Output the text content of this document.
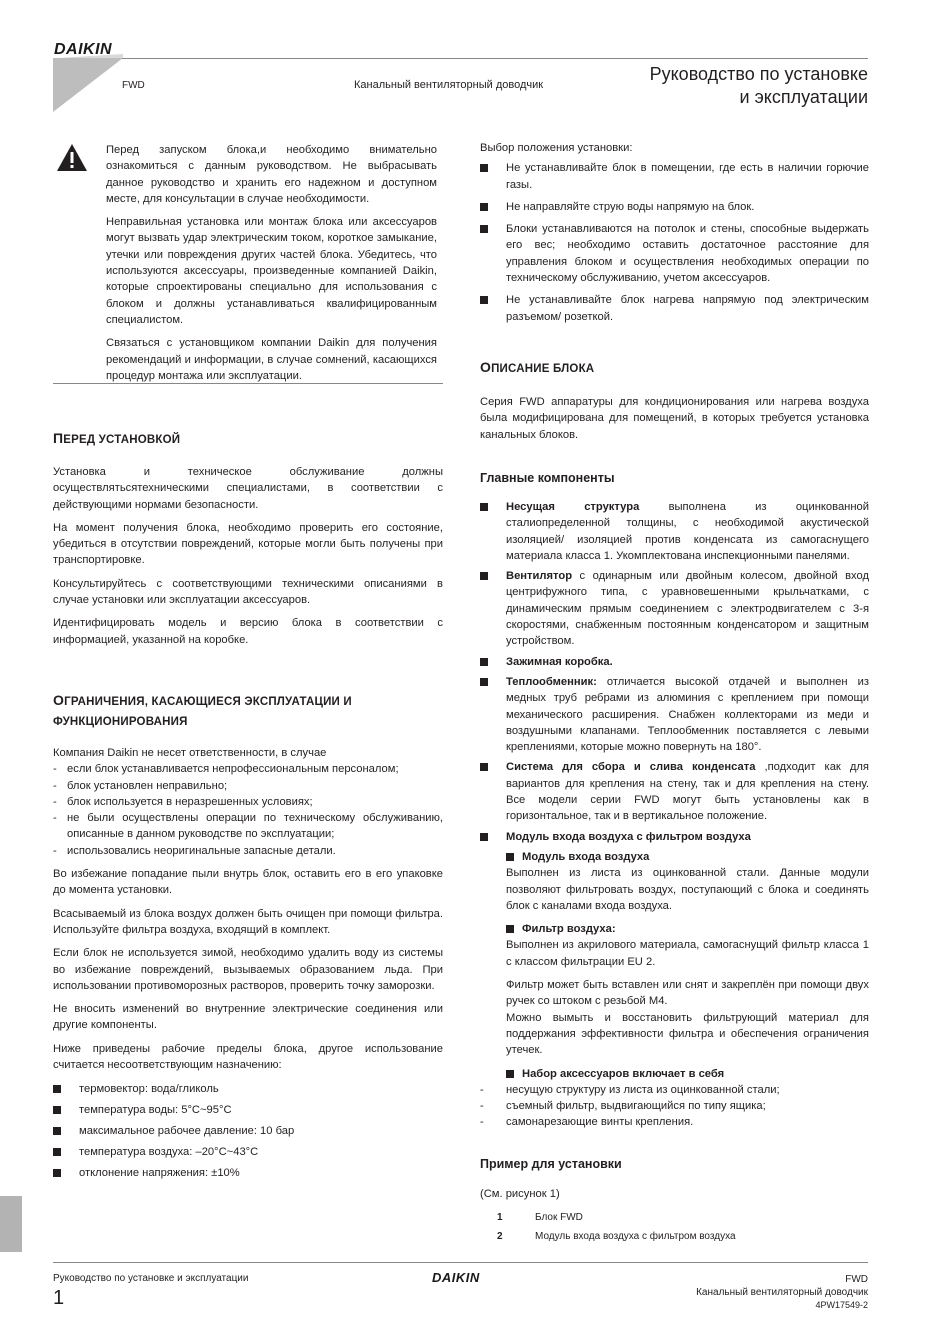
DAIKIN
FWD	Канальный вентиляторный доводчик
Руководство по установке
и эксплуатации

Перед запуском блока,и необходимо внимательно ознакомиться с данным руководством. Не выбрасывать данное руководство и хранить его надежном и доступном месте, для консультации в случае необходимости.

Неправильная установка или монтаж блока или аксессуаров могут вызвать удар электрическим током, короткое замыкание, утечки или повреждения других частей блока. Убедитесь, что используются аксессуары, произведенные компанией Daikin, которые спроектированы специально для использования с блоком и должны устанавливаться квалифицированным специалистом.

Связаться с установщиком компании Daikin для получения рекомендаций и информации, в случае сомнений, касающихся процедур монтажа или эксплуатации.

ПЕРЕД УСТАНОВКОЙ

Установка и техническое обслуживание должны осуществлятьсятехническими специалистами, в соответствии с действующими нормами безопасности.

На момент получения блока, необходимо проверить его состояние, убедиться в отсутствии повреждений, которые могли быть получены при транспортировке.

Консультируйтесь с соответствующими техническими описаниями в случае установки или эксплуатации аксессуаров.

Идентифицировать модель и версию блока в соответствии с информацией, указанной на коробке.

ОГРАНИЧЕНИЯ, КАСАЮЩИЕСЯ ЭКСПЛУАТАЦИИ И
ФУНКЦИОНИРОВАНИЯ

Компания Daikin не несет ответственности, в случае

- если блок устанавливается непрофессиональным персоналом;
- блок установлен неправильно;
- блок используется в неразрешенных условиях;
- не были осуществлены операции по техническому обслуживанию, описанные в данном руководстве по эксплуатации;
- использовались неоригинальные запасные детали.

Во избежание попадание пыли внутрь блок, оставить его в его упаковке до момента установки.

Всасываемый из блока воздух должен быть очищен при помощи фильтра. Используйте фильтра воздуха, входящий в комплект.

Если блок не используется зимой, необходимо удалить воду из системы во избежание повреждений, вызываемых образованием льда. При использовании противоморозных растворов, проверить точку заморозки.

Не вносить изменений во внутренние электрические соединения или другие компоненты.

Ниже приведены рабочие пределы блока, другое использование считается несоответствующим назначению:

термовектор: вода/гликоль
температура воды: 5°C~95°C
максимальное рабочее давление: 10 бар
температура воздуха: –20°C~43°C
отклонение напряжения: ±10%

Выбор положения установки:

Не устанавливайте блок в помещении, где есть в наличии горючие газы.
Не направляйте струю воды напрямую на блок.
Блоки устанавливаются на потолок и стены, способные выдержать его вес; необходимо оставить достаточное расстояние для управления блоком и осуществления необходимых операции по техническому обслуживанию, учетом аксессуаров.
Не устанавливайте блок нагрева напрямую под электрическим разъемом/ розеткой.
ОПИСАНИЕ БЛОКА

Серия FWD аппаратуры для кондиционирования или нагрева воздуха была модифицирована для помещений, в которых требуется установка канальных блоков.

Главные компоненты
Несущая структура выполнена из оцинкованной сталиопределенной толщины, с необходимой акустической изоляцией/ изоляцией против конденсата из самогаснущего материала класса 1. Укомплектована инспекционными панелями.
Вентилятор с одинарным или двойным колесом, двойной вход центрифужного типа, с уравновешенными крыльчатками, с динамическим прямым соединением с электродвигателем с 3-я скоростями, снабженным постоянным конденсатором и защитным устройством.
Зажимная коробка.
Теплообменник: отличается высокой отдачей и выполнен из медных труб ребрами из алюминия с креплением при помощи механического расширения. Снабжен коллекторами из меди и воздушными клапанами. Теплообменник поставляется с левыми креплениями, которые можно повернуть на 180°.
Система для сбора и слива конденсата ,подходит как для вариантов для крепления на стену, так и для крепления на стену. Все модели серии FWD могут быть установлены как в горизонтальное, так и в вертикальное положение.
Модуль входа воздуха с фильтром воздуха
Модуль входа воздуха

Выполнен из листа из оцинкованной стали. Данные модули позволяют фильтровать воздух, поступающий с блока и соединять блок с каналами входа воздуха.

Фильтр воздуха:

Выполнен из акрилового материала, самогаснущий фильтр класса 1 с классом фильтрации EU 2.

Фильтр может быть вставлен или снят и закреплён при помощи двух ручек со штоком с резьбой M4.

Можно вымыть и восстановить фильтрующий материал для поддержания эффективности фильтра и обеспечения ограничения утечек.

Набор аксессуаров включает в себя
- несущую структуру из листа из оцинкованной стали;
- съемный фильтр, выдвигающийся по типу ящика;
- самонарезающие винты крепления.
Пример для установки
(См. рисунок 1)
1	Блок FWD
2	Модуль входа воздуха с фильтром воздуха
Руководство по установке и эксплуатации
1
DAIKIN	FWD
Канальный вентиляторный доводчик
4PW17549-2
